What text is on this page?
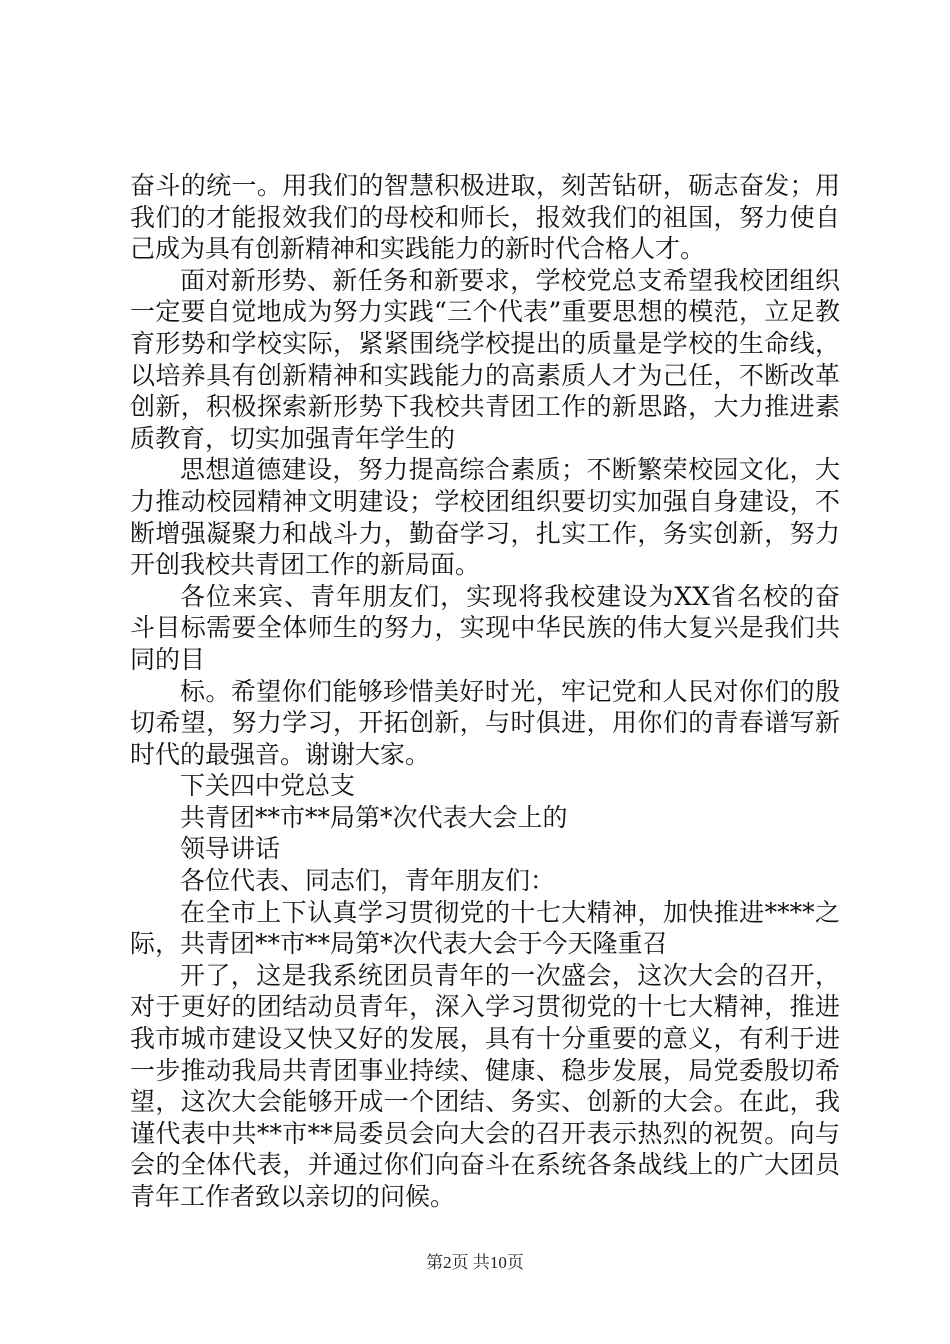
奋斗的统一。用我们的智慧积极进取，刻苦钻研，砺志奋发；用我们的才能报效我们的母校和师长，报效我们的祖国，努力使自己成为具有创新精神和实践能力的新时代合格人才。

面对新形势、新任务和新要求，学校党总支希望我校团组织一定要自觉地成为努力实践“三个代表”重要思想的模范，立足教育形势和学校实际，紧紧围绕学校提出的质量是学校的生命线，以培养具有创新精神和实践能力的高素质人才为己任，不断改革创新，积极探索新形势下我校共青团工作的新思路，大力推进素质教育，切实加强青年学生的

思想道德建设，努力提高综合素质；不断繁荣校园文化，大力推动校园精神文明建设；学校团组织要切实加强自身建设，不断增强凝聚力和战斗力，勤奋学习，扎实工作，务实创新，努力开创我校共青团工作的新局面。

各位来宾、青年朋友们，实现将我校建设为XX省名校的奋斗目标需要全体师生的努力，实现中华民族的伟大复兴是我们共同的目

标。希望你们能够珍惜美好时光，牢记党和人民对你们的殷切希望，努力学习，开拓创新，与时俱进，用你们的青春谱写新时代的最强音。谢谢大家。

下关四中党总支

共青团**市**局第*次代表大会上的

领导讲话

各位代表、同志们，青年朋友们：

在全市上下认真学习贯彻党的十七大精神，加快推进****之际，共青团**市**局第*次代表大会于今天隆重召

开了，这是我系统团员青年的一次盛会，这次大会的召开，对于更好的团结动员青年，深入学习贯彻党的十七大精神，推进我市城市建设又快又好的发展，具有十分重要的意义，有利于进一步推动我局共青团事业持续、健康、稳步发展，局党委殷切希望，这次大会能够开成一个团结、务实、创新的大会。在此，我谨代表中共**市**局委员会向大会的召开表示热烈的祝贺。向与会的全体代表，并通过你们向奋斗在系统各条战线上的广大团员青年工作者致以亲切的问候。

第2页 共10页
